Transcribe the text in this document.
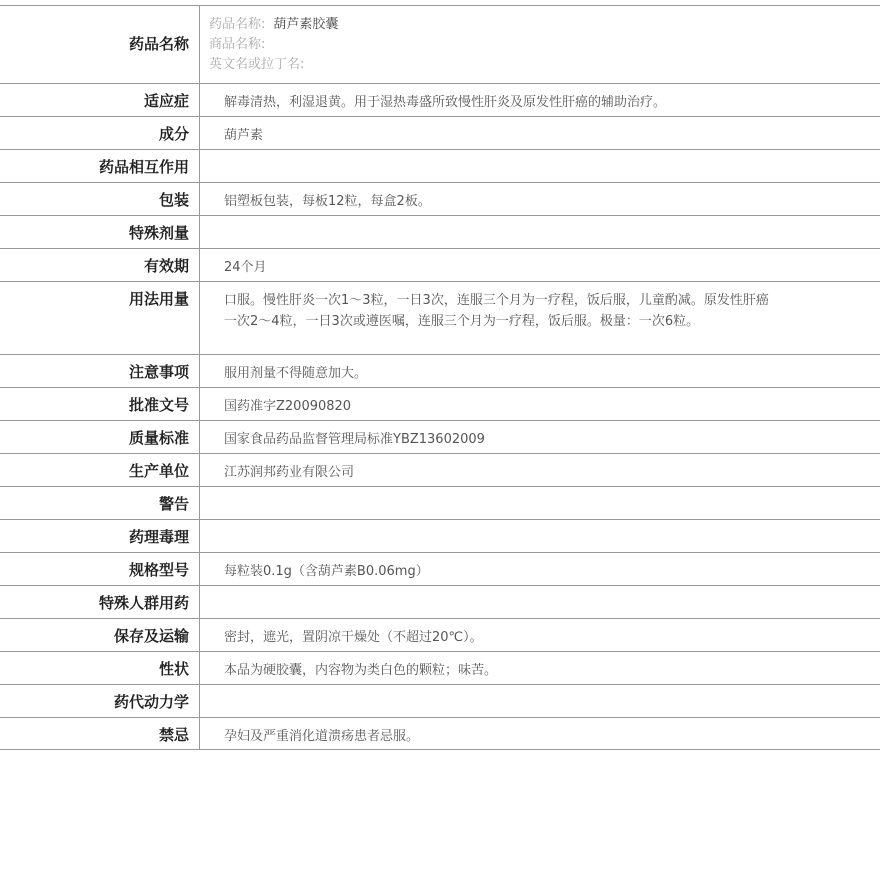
药品名称
药品名称: 葫芦素胶囊
商品名称:
英文名或拉丁名:
适应症	解毒清热，利湿退黄。用于湿热毒盛所致慢性肝炎及原发性肝癌的辅助治疗。
成分	葫芦素
药品相互作用
包装	铝塑板包装，每板12粒，每盒2板。
特殊剂量
有效期	24个月
用法用量	口服。慢性肝炎一次1～3粒，一日3次，连服三个月为一疗程，饭后服，儿童酌减。原发性肝癌一次2～4粒，一日3次或遵医嘱，连服三个月为一疗程，饭后服。极量：一次6粒。
注意事项	服用剂量不得随意加大。
批准文号	国药准字Z20090820
质量标准	国家食品药品监督管理局标准YBZ13602009
生产单位	江苏润邦药业有限公司
警告
药理毒理
规格型号	每粒装0.1g（含葫芦素B0.06mg）
特殊人群用药
保存及运输	密封，遮光，置阴凉干燥处（不超过20℃）。
性状	本品为硬胶囊，内容物为类白色的颗粒；味苦。
药代动力学
禁忌	孕妇及严重消化道溃疡患者忌服。
